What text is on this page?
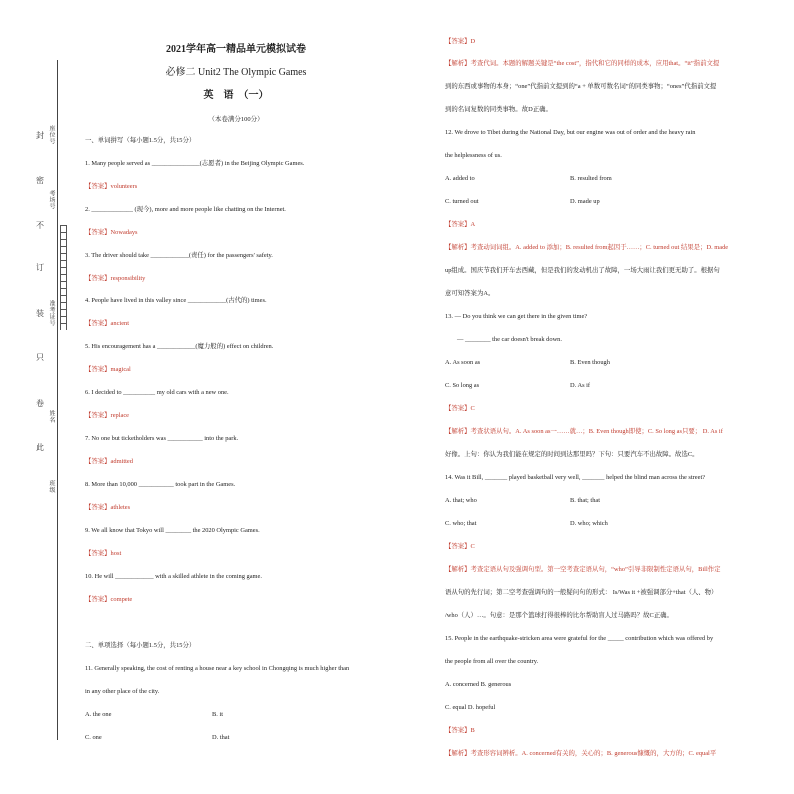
封
密
不
订
装
只
卷
此
座位号
考场号
准考证号
姓名
班级
2021学年高一精品单元模拟试卷
必修二 Unit2 The Olympic Games
英　语　（一）
（本卷满分100分）
一、单词拼写（每小题1.5分，共15分）
1. Many people served as _______________(志愿者) in the Beijing Olympic Games.
【答案】volunteers
2. _____________ (现今), more and more people like chatting on the Internet.
【答案】Nowadays
3. The driver should take ____________(责任) for the passengers' safety.
【答案】responsibility
4. People have lived in this valley since ____________(古代的) times.
【答案】ancient
5. His encouragement has a ____________(魔力般的) effect on children.
【答案】magical
6. I decided to __________ my old cars with a new one.
【答案】replace
7. No one but ticketholders was ___________ into the park.
【答案】admitted
8. More than 10,000 ___________ took part in the Games.
【答案】athletes
9. We all know that Tokyo will ________ the 2020 Olympic Games.
【答案】host
10. He will ____________ with a skilled athlete in the coming game.
【答案】compete
二、单项选择（每小题1.5分，共15分）
11. Generally speaking, the cost of renting a house near a key school in Chongqing is much higher than
in any other place of the city.
A. the one	B. it
C. one	D. that
【答案】D
【解析】考查代词。本题的解题关键是“the cost”，指代和它的同样的成本，应用that。“it”指前文提
到的东西或事物的本身；“one”代指前文提到的“a + 单数可数名词”的同类事物；“ones”代指前文提
到的名词复数的同类事物。故D正确。
12. We drove to Tibet during the National Day, but our engine was out of order and the heavy rain
the helplessness of us.
A. added to	B. resulted from
C. turned out	D. made up
【答案】A
【解析】考查动词词组。A. added to 添加；B. resulted from起因于……；C. turned out 结果是；D. made
up组成。国庆节我们开车去西藏，但是我们的发动机出了故障，一场大雨让我们更无助了。根据句
意可知答案为A。
13. — Do you think we can get there in the given time?
— ________ the car doesn't break down.
A. As soon as	B. Even though
C. So long as	D. As if
【答案】C
【解析】考查状语从句。A. As soon as一……就…；B. Even though即使；C. So long as只要； D. As if
好像。上句：你认为我们能在规定的时间到达那里吗？下句：只要汽车不出故障。故选C。
14. Was it Bill, _______ played basketball very well, _______ helped the blind man across the street?
A. that; who	B. that; that
C. who; that	D. who; which
【答案】C
【解析】考查定语从句及强调句型。第一空考查定语从句，“who”引导非限制性定语从句，Bill作定
语从句的先行词；第二空考查强调句的一般疑问句的形式： Is/Was it +被强调部分+that（人、物）
/who（人）…。句意：是那个篮球打得很棒的比尔帮助盲人过马路吗？故C正确。
15. People in the earthquake-stricken area were grateful for the _____ contribution which was offered by
the people from all over the country.
A. concerned B. generous
C. equal D. hopeful
【答案】B
【解析】考查形容词辨析。A. concerned有关的，关心的；B. generous慷慨的，大方的；C. equal平
